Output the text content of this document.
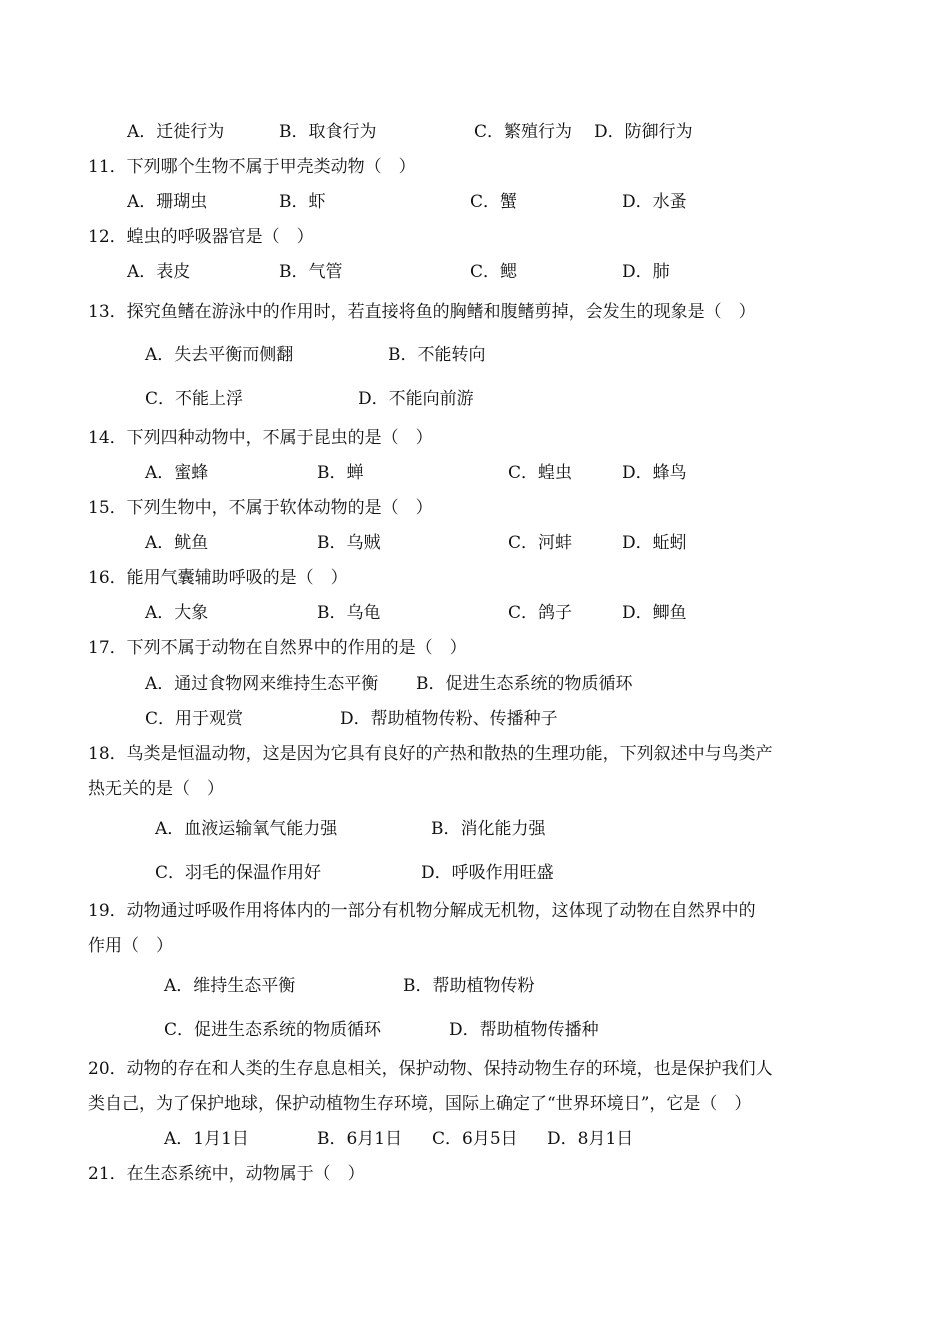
A．迁徙行为	B．取食行为	C．繁殖行为 D．防御行为
11．下列哪个生物不属于甲壳类动物（　）
A．珊瑚虫	B．虾	C．蟹	D．水蚤
12．蝗虫的呼吸器官是（　）
A．表皮	B．气管	C．鳃	D．肺
13．探究鱼鳍在游泳中的作用时，若直接将鱼的胸鳍和腹鳍剪掉，会发生的现象是（　）
A．失去平衡而侧翻	B．不能转向
C．不能上浮	D．不能向前游
14．下列四种动物中，不属于昆虫的是（　）
A．蜜蜂	B．蝉	C．蝗虫	D．蜂鸟
15．下列生物中，不属于软体动物的是（　）
A．鱿鱼	B．乌贼	C．河蚌	D．蚯蚓
16．能用气囊辅助呼吸的是（　）
A．大象	B．乌龟	C．鸽子	D．鲫鱼
17．下列不属于动物在自然界中的作用的是（　）
A．通过食物网来维持生态平衡 B．促进生态系统的物质循环
C．用于观赏	D．帮助植物传粉、传播种子
18．鸟类是恒温动物，这是因为它具有良好的产热和散热的生理功能，下列叙述中与鸟类产
热无关的是（　）
A．血液运输氧气能力强	B．消化能力强
C．羽毛的保温作用好	D．呼吸作用旺盛
19．动物通过呼吸作用将体内的一部分有机物分解成无机物，这体现了动物在自然界中的
作用（　）
A．维持生态平衡	B．帮助植物传粉
C．促进生态系统的物质循环	D．帮助植物传播种
20．动物的存在和人类的生存息息相关，保护动物、保持动物生存的环境，也是保护我们人
类自己，为了保护地球，保护动植物生存环境，国际上确定了“世界环境日”，它是（　）
A．1月1日	B．6月1日 C．6月5日 D．8月1日
21．在生态系统中，动物属于（　）
